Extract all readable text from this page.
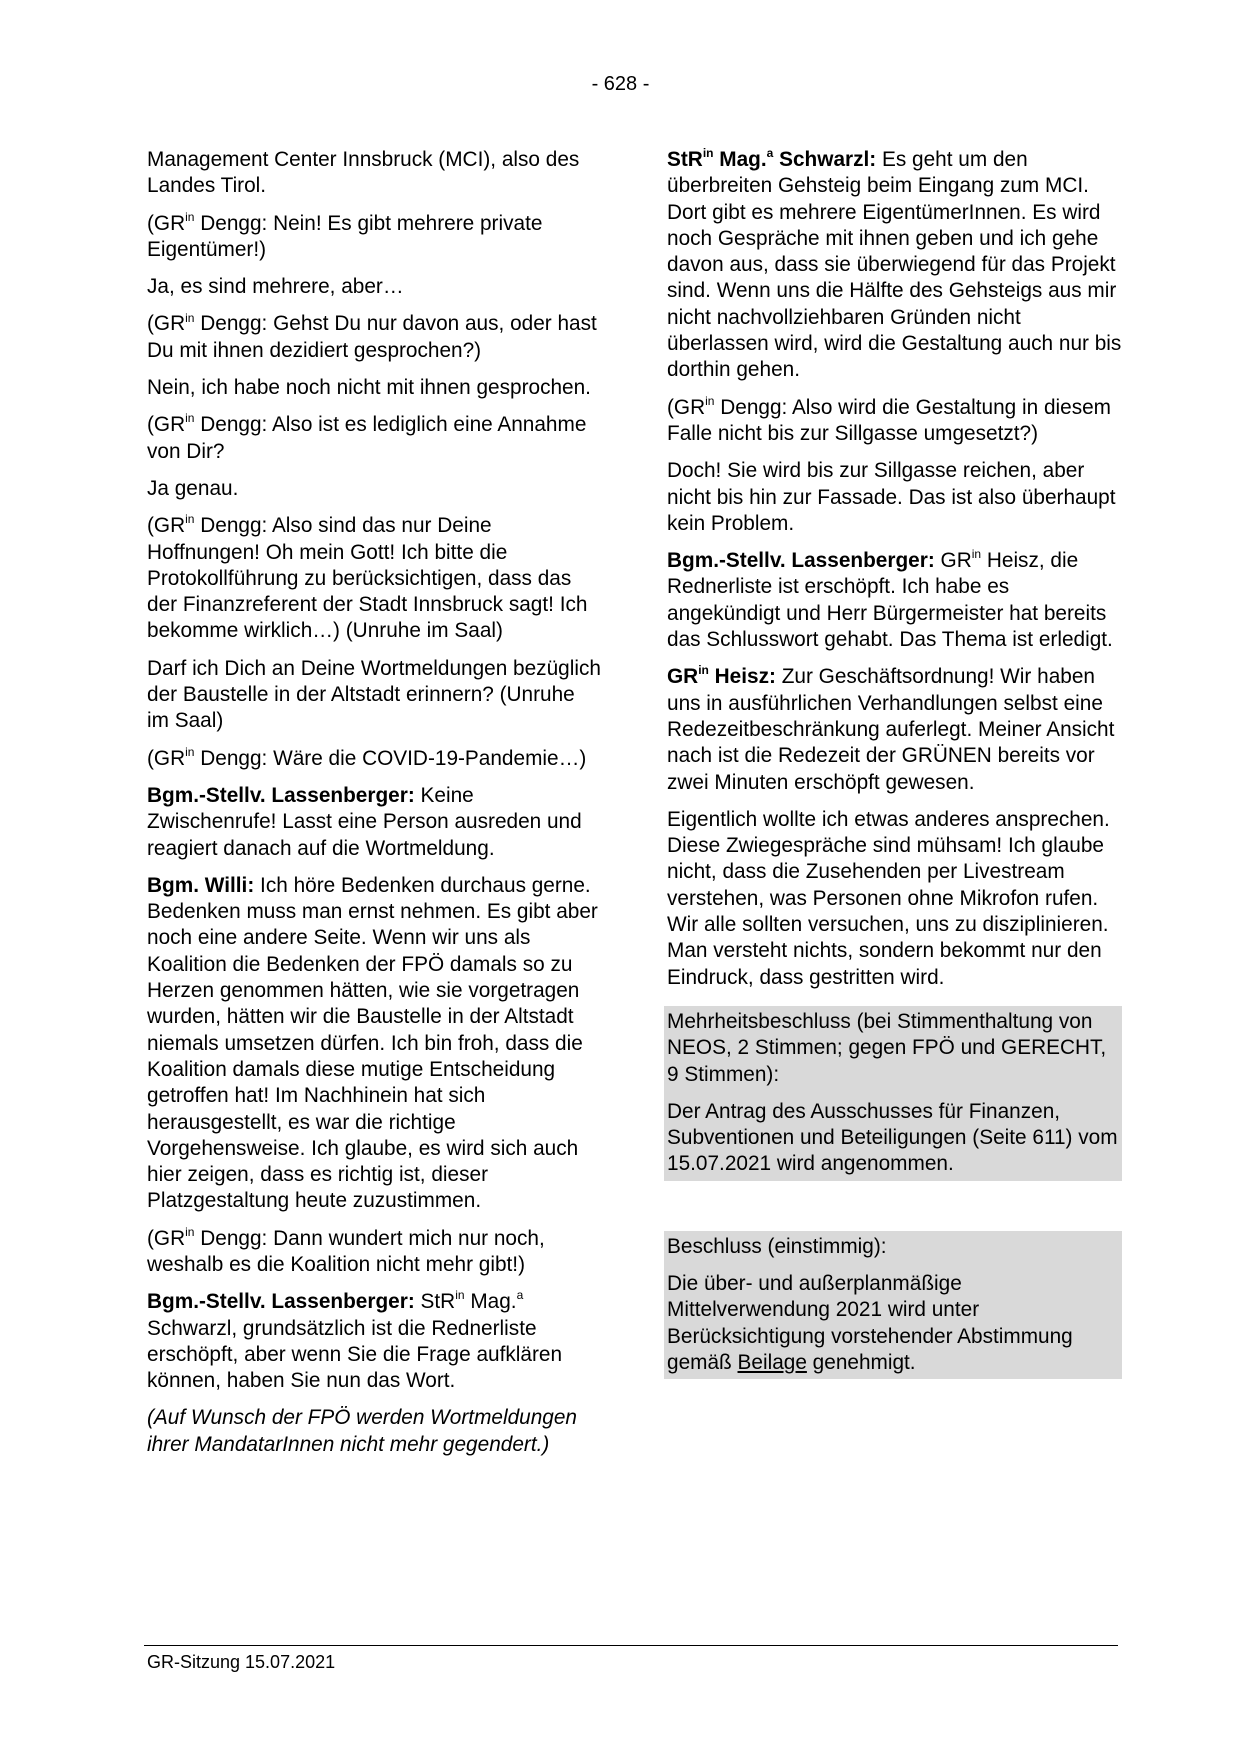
- 628 -

Management Center Innsbruck (MCI), also des Landes Tirol.

($GR^{in}$ Dengg: Nein! Es gibt mehrere private Eigentümer!)

Ja, es sind mehrere, aber…

($GR^{in}$ Dengg: Gehst Du nur davon aus, oder hast Du mit ihnen dezidiert gesprochen?)

Nein, ich habe noch nicht mit ihnen gesprochen.

($GR^{in}$ Dengg: Also ist es lediglich eine Annahme von Dir?

Ja genau.

($GR^{in}$ Dengg: Also sind das nur Deine Hoffnungen! Oh mein Gott! Ich bitte die Protokollführung zu berücksichtigen, dass das der Finanzreferent der Stadt Innsbruck sagt! Ich bekomme wirklich…) (Unruhe im Saal)

Darf ich Dich an Deine Wortmeldungen bezüglich der Baustelle in der Altstadt erinnern? (Unruhe im Saal)

($GR^{in}$ Dengg: Wäre die COVID-19-Pandemie…)

Bgm.-Stellv. Lassenberger: Keine Zwischenrufe! Lasst eine Person ausreden und reagiert danach auf die Wortmeldung.

Bgm. Willi: Ich höre Bedenken durchaus gerne. Bedenken muss man ernst nehmen. Es gibt aber noch eine andere Seite. Wenn wir uns als Koalition die Bedenken der FPÖ damals so zu Herzen genommen hätten, wie sie vorgetragen wurden, hätten wir die Baustelle in der Altstadt niemals umsetzen dürfen. Ich bin froh, dass die Koalition damals diese mutige Entscheidung getroffen hat! Im Nachhinein hat sich herausgestellt, es war die richtige Vorgehensweise. Ich glaube, es wird sich auch hier zeigen, dass es richtig ist, dieser Platzgestaltung heute zuzustimmen.

($GR^{in}$ Dengg: Dann wundert mich nur noch, weshalb es die Koalition nicht mehr gibt!)

Bgm.-Stellv. Lassenberger: StR$^{in}$ Mag.$^a$ Schwarzl, grundsätzlich ist die Rednerliste erschöpft, aber wenn Sie die Frage aufklären können, haben Sie nun das Wort.

(Auf Wunsch der FPÖ werden Wortmeldungen ihrer MandatarInnen nicht mehr gegendert.)

StR$^{in}$ Mag.$^a$ Schwarzl: Es geht um den überbreiten Gehsteig beim Eingang zum MCI. Dort gibt es mehrere EigentümerInnen. Es wird noch Gespräche mit ihnen geben und ich gehe davon aus, dass sie überwiegend für das Projekt sind. Wenn uns die Hälfte des Gehsteigs aus mir nicht nachvollziehbaren Gründen nicht überlassen wird, wird die Gestaltung auch nur bis dorthin gehen.

($GR^{in}$ Dengg: Also wird die Gestaltung in diesem Falle nicht bis zur Sillgasse umgesetzt?)

Doch! Sie wird bis zur Sillgasse reichen, aber nicht bis hin zur Fassade. Das ist also überhaupt kein Problem.

Bgm.-Stellv. Lassenberger: $GR^{in}$ Heisz, die Rednerliste ist erschöpft. Ich habe es angekündigt und Herr Bürgermeister hat bereits das Schlusswort gehabt. Das Thema ist erledigt.

$GR^{in}$ Heisz: Zur Geschäftsordnung! Wir haben uns in ausführlichen Verhandlungen selbst eine Redezeitbeschränkung auferlegt. Meiner Ansicht nach ist die Redezeit der GRÜNEN bereits vor zwei Minuten erschöpft gewesen.

Eigentlich wollte ich etwas anderes ansprechen. Diese Zwiegespräche sind mühsam! Ich glaube nicht, dass die Zusehenden per Livestream verstehen, was Personen ohne Mikrofon rufen. Wir alle sollten versuchen, uns zu disziplinieren. Man versteht nichts, sondern bekommt nur den Eindruck, dass gestritten wird.

Mehrheitsbeschluss (bei Stimmenthaltung von NEOS, 2 Stimmen; gegen FPÖ und GERECHT, 9 Stimmen):

Der Antrag des Ausschusses für Finanzen, Subventionen und Beteiligungen (Seite 611) vom 15.07.2021 wird angenommen.

Beschluss (einstimmig):

Die über- und außerplanmäßige Mittelverwendung 2021 wird unter Berücksichtigung vorstehender Abstimmung gemäß Beilage genehmigt.

GR-Sitzung 15.07.2021
